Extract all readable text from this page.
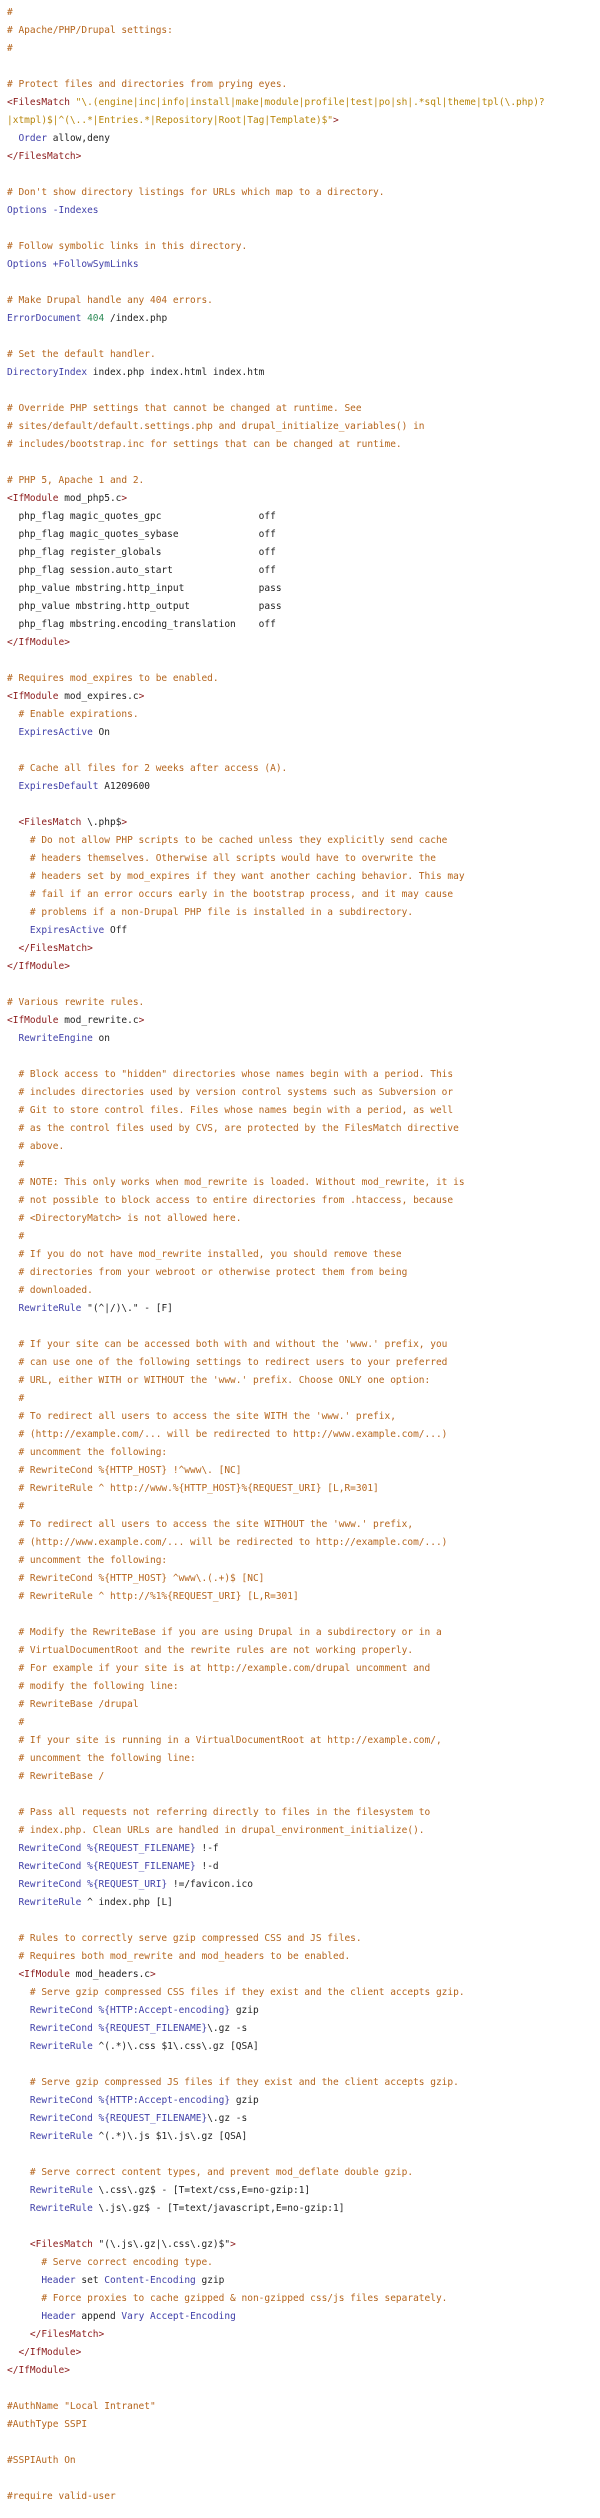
#
# Apache/PHP/Drupal settings:
#
# Protect files and directories from prying eyes.
<FilesMatch "\.(engine|inc|info|install|make|module|profile|test|po|sh|.*sql|theme|tpl(\.php)?
|xtmpl)$|^(\..*|Entries.*|Repository|Root|Tag|Template)$">
Order allow,deny
</FilesMatch>
# Don't show directory listings for URLs which map to a directory.
Options -Indexes
# Follow symbolic links in this directory.
Options +FollowSymLinks
# Make Drupal handle any 404 errors.
ErrorDocument 404 /index.php
# Set the default handler.
DirectoryIndex index.php index.html index.htm
# Override PHP settings that cannot be changed at runtime. See
# sites/default/default.settings.php and drupal_initialize_variables() in
# includes/bootstrap.inc for settings that can be changed at runtime.
# PHP 5, Apache 1 and 2.
<IfModule mod_php5.c>
php_flag magic_quotes_gpc                 off
php_flag magic_quotes_sybase              off
php_flag register_globals                 off
php_flag session.auto_start               off
php_value mbstring.http_input             pass
php_value mbstring.http_output            pass
php_flag mbstring.encoding_translation    off
</IfModule>
# Requires mod_expires to be enabled.
<IfModule mod_expires.c>
# Enable expirations.
ExpiresActive On
# Cache all files for 2 weeks after access (A).
ExpiresDefault A1209600
<FilesMatch \.php$>
# Do not allow PHP scripts to be cached unless they explicitly send cache
# headers themselves. Otherwise all scripts would have to overwrite the
# headers set by mod_expires if they want another caching behavior. This may
# fail if an error occurs early in the bootstrap process, and it may cause
# problems if a non-Drupal PHP file is installed in a subdirectory.
ExpiresActive Off
</FilesMatch>
</IfModule>
# Various rewrite rules.
<IfModule mod_rewrite.c>
RewriteEngine on
# Block access to "hidden" directories whose names begin with a period. This
# includes directories used by version control systems such as Subversion or
# Git to store control files. Files whose names begin with a period, as well
# as the control files used by CVS, are protected by the FilesMatch directive
# above.
#
# NOTE: This only works when mod_rewrite is loaded. Without mod_rewrite, it is
# not possible to block access to entire directories from .htaccess, because
# <DirectoryMatch> is not allowed here.
#
# If you do not have mod_rewrite installed, you should remove these
# directories from your webroot or otherwise protect them from being
# downloaded.
RewriteRule "(^|/)\." - [F]
# If your site can be accessed both with and without the 'www.' prefix, you
# can use one of the following settings to redirect users to your preferred
# URL, either WITH or WITHOUT the 'www.' prefix. Choose ONLY one option:
#
# To redirect all users to access the site WITH the 'www.' prefix,
# (http://example.com/... will be redirected to http://www.example.com/...)
# uncomment the following:
# RewriteCond %{HTTP_HOST} !^www\. [NC]
# RewriteRule ^ http://www.%{HTTP_HOST}%{REQUEST_URI} [L,R=301]
#
# To redirect all users to access the site WITHOUT the 'www.' prefix,
# (http://www.example.com/... will be redirected to http://example.com/...)
# uncomment the following:
# RewriteCond %{HTTP_HOST} ^www\.(.+)$ [NC]
# RewriteRule ^ http://%1%{REQUEST_URI} [L,R=301]
# Modify the RewriteBase if you are using Drupal in a subdirectory or in a
# VirtualDocumentRoot and the rewrite rules are not working properly.
# For example if your site is at http://example.com/drupal uncomment and
# modify the following line:
# RewriteBase /drupal
#
# If your site is running in a VirtualDocumentRoot at http://example.com/,
# uncomment the following line:
# RewriteBase /
# Pass all requests not referring directly to files in the filesystem to
# index.php. Clean URLs are handled in drupal_environment_initialize().
RewriteCond %{REQUEST_FILENAME} !-f
RewriteCond %{REQUEST_FILENAME} !-d
RewriteCond %{REQUEST_URI} !=/favicon.ico
RewriteRule ^ index.php [L]
# Rules to correctly serve gzip compressed CSS and JS files.
# Requires both mod_rewrite and mod_headers to be enabled.
<IfModule mod_headers.c>
# Serve gzip compressed CSS files if they exist and the client accepts gzip.
RewriteCond %{HTTP:Accept-encoding} gzip
RewriteCond %{REQUEST_FILENAME}\.gz -s
RewriteRule ^(.*)\.css $1\.css\.gz [QSA]
# Serve gzip compressed JS files if they exist and the client accepts gzip.
RewriteCond %{HTTP:Accept-encoding} gzip
RewriteCond %{REQUEST_FILENAME}\.gz -s
RewriteRule ^(.*)\.js $1\.js\.gz [QSA]
# Serve correct content types, and prevent mod_deflate double gzip.
RewriteRule \.css\.gz$ - [T=text/css,E=no-gzip:1]
RewriteRule \.js\.gz$ - [T=text/javascript,E=no-gzip:1]
<FilesMatch "(\.js\.gz|\.css\.gz)$">
# Serve correct encoding type.
Header set Content-Encoding gzip
# Force proxies to cache gzipped & non-gzipped css/js files separately.
Header append Vary Accept-Encoding
</FilesMatch>
</IfModule>
</IfModule>
#AuthName "Local Intranet"
#AuthType SSPI
#SSPIAuth On
#require valid-user
